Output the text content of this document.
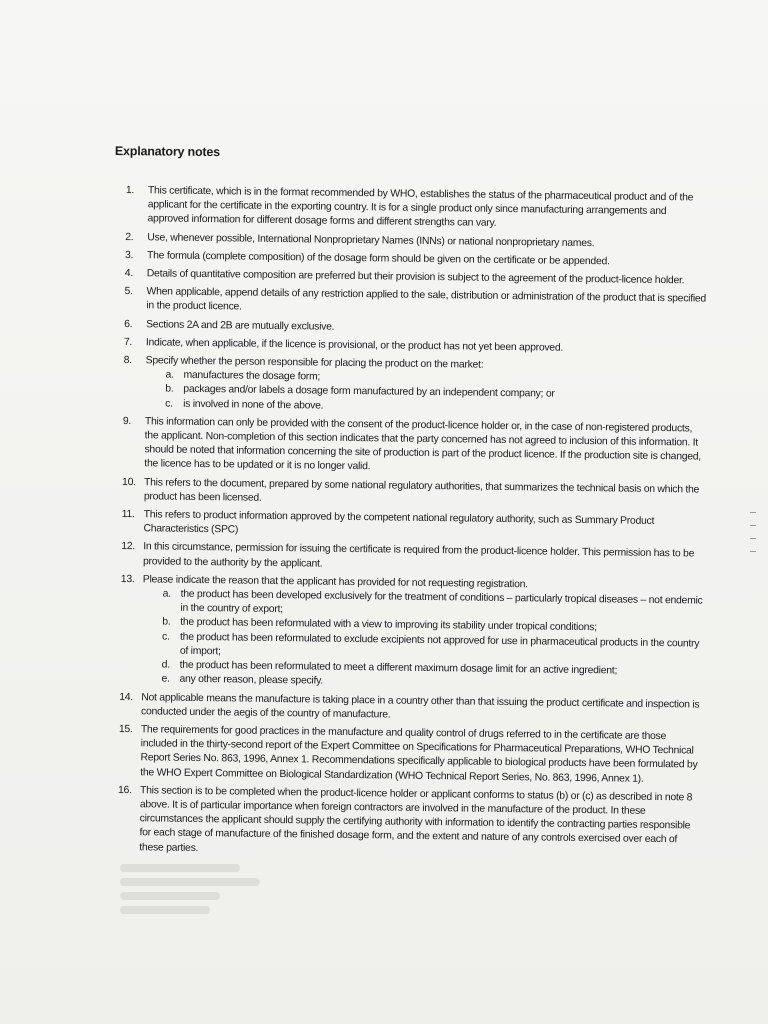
Explanatory notes
1.	This certificate, which is in the format recommended by WHO, establishes the status of the pharmaceutical product and of the applicant for the certificate in the exporting country. It is for a single product only since manufacturing arrangements and approved information for different dosage forms and different strengths can vary.
2.	Use, whenever possible, International Nonproprietary Names (INNs) or national nonproprietary names.
3.	The formula (complete composition) of the dosage form should be given on the certificate or be appended.
4.	Details of quantitative composition are preferred but their provision is subject to the agreement of the product-licence holder.
5.	When applicable, append details of any restriction applied to the sale, distribution or administration of the product that is specified in the product licence.
6.	Sections 2A and 2B are mutually exclusive.
7.	Indicate, when applicable, if the licence is provisional, or the product has not yet been approved.
8.	Specify whether the person responsible for placing the product on the market:
a. manufactures the dosage form;
b. packages and/or labels a dosage form manufactured by an independent company; or
c. is involved in none of the above.
9.	This information can only be provided with the consent of the product-licence holder or, in the case of non-registered products, the applicant. Non-completion of this section indicates that the party concerned has not agreed to inclusion of this information. It should be noted that information concerning the site of production is part of the product licence. If the production site is changed, the licence has to be updated or it is no longer valid.
10. This refers to the document, prepared by some national regulatory authorities, that summarizes the technical basis on which the product has been licensed.
11. This refers to product information approved by the competent national regulatory authority, such as Summary Product Characteristics (SPC)
12. In this circumstance, permission for issuing the certificate is required from the product-licence holder. This permission has to be provided to the authority by the applicant.
13. Please indicate the reason that the applicant has provided for not requesting registration.
a. the product has been developed exclusively for the treatment of conditions – particularly tropical diseases – not endemic in the country of export;
b. the product has been reformulated with a view to improving its stability under tropical conditions;
c. the product has been reformulated to exclude excipients not approved for use in pharmaceutical products in the country of import;
d. the product has been reformulated to meet a different maximum dosage limit for an active ingredient;
e. any other reason, please specify.
14. Not applicable means the manufacture is taking place in a country other than that issuing the product certificate and inspection is conducted under the aegis of the country of manufacture.
15. The requirements for good practices in the manufacture and quality control of drugs referred to in the certificate are those included in the thirty-second report of the Expert Committee on Specifications for Pharmaceutical Preparations, WHO Technical Report Series No. 863, 1996, Annex 1. Recommendations specifically applicable to biological products have been formulated by the WHO Expert Committee on Biological Standardization (WHO Technical Report Series, No. 863, 1996, Annex 1).
16. This section is to be completed when the product-licence holder or applicant conforms to status (b) or (c) as described in note 8 above. It is of particular importance when foreign contractors are involved in the manufacture of the product. In these circumstances the applicant should supply the certifying authority with information to identify the contracting parties responsible for each stage of manufacture of the finished dosage form, and the extent and nature of any controls exercised over each of these parties.
